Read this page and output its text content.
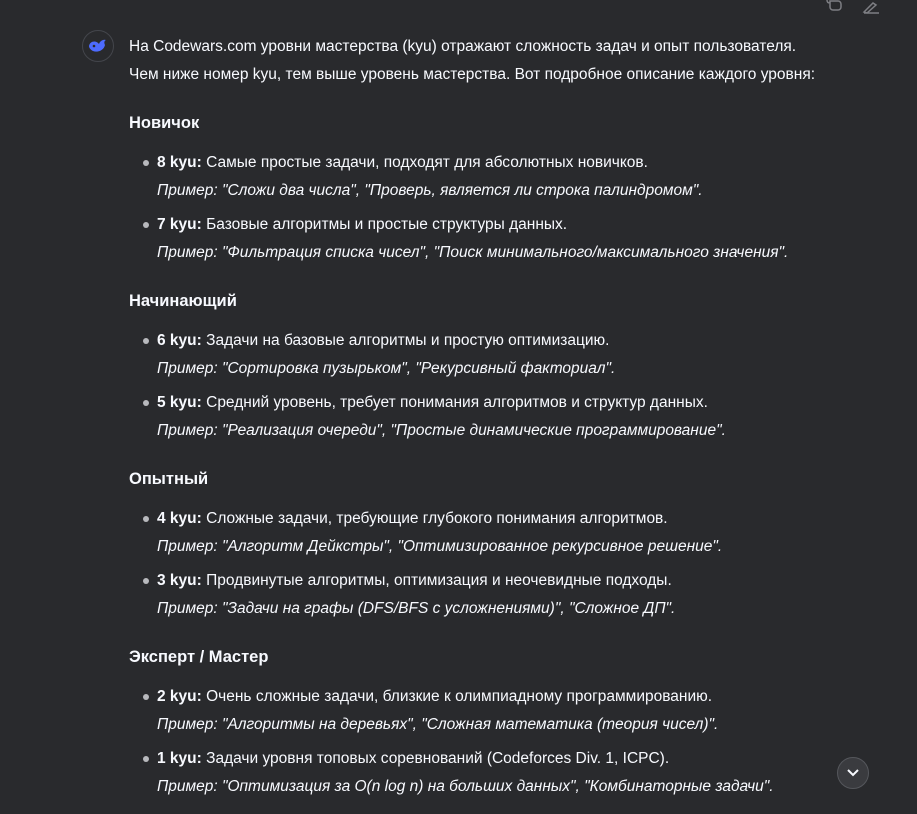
На Codewars.com уровни мастерства (kyu) отражают сложность задач и опыт пользователя. Чем ниже номер kyu, тем выше уровень мастерства. Вот подробное описание каждого уровня:

Новичок
8 kyu: Самые простые задачи, подходят для абсолютных новичков.
Пример: "Сложи два числа", "Проверь, является ли строка палиндромом".
7 kyu: Базовые алгоритмы и простые структуры данных.
Пример: "Фильтрация списка чисел", "Поиск минимального/максимального значения".
Начинающий
6 kyu: Задачи на базовые алгоритмы и простую оптимизацию.
Пример: "Сортировка пузырьком", "Рекурсивный факториал".
5 kyu: Средний уровень, требует понимания алгоритмов и структур данных.
Пример: "Реализация очереди", "Простые динамические программирование".
Опытный
4 kyu: Сложные задачи, требующие глубокого понимания алгоритмов.
Пример: "Алгоритм Дейкстры", "Оптимизированное рекурсивное решение".
3 kyu: Продвинутые алгоритмы, оптимизация и неочевидные подходы.
Пример: "Задачи на графы (DFS/BFS с усложнениями)", "Сложное ДП".
Эксперт / Мастер
2 kyu: Очень сложные задачи, близкие к олимпиадному программированию.
Пример: "Алгоритмы на деревьях", "Сложная математика (теория чисел)".
1 kyu: Задачи уровня топовых соревнований (Codeforces Div. 1, ICPC).
Пример: "Оптимизация за O(n log n) на больших данных", "Комбинаторные задачи".
